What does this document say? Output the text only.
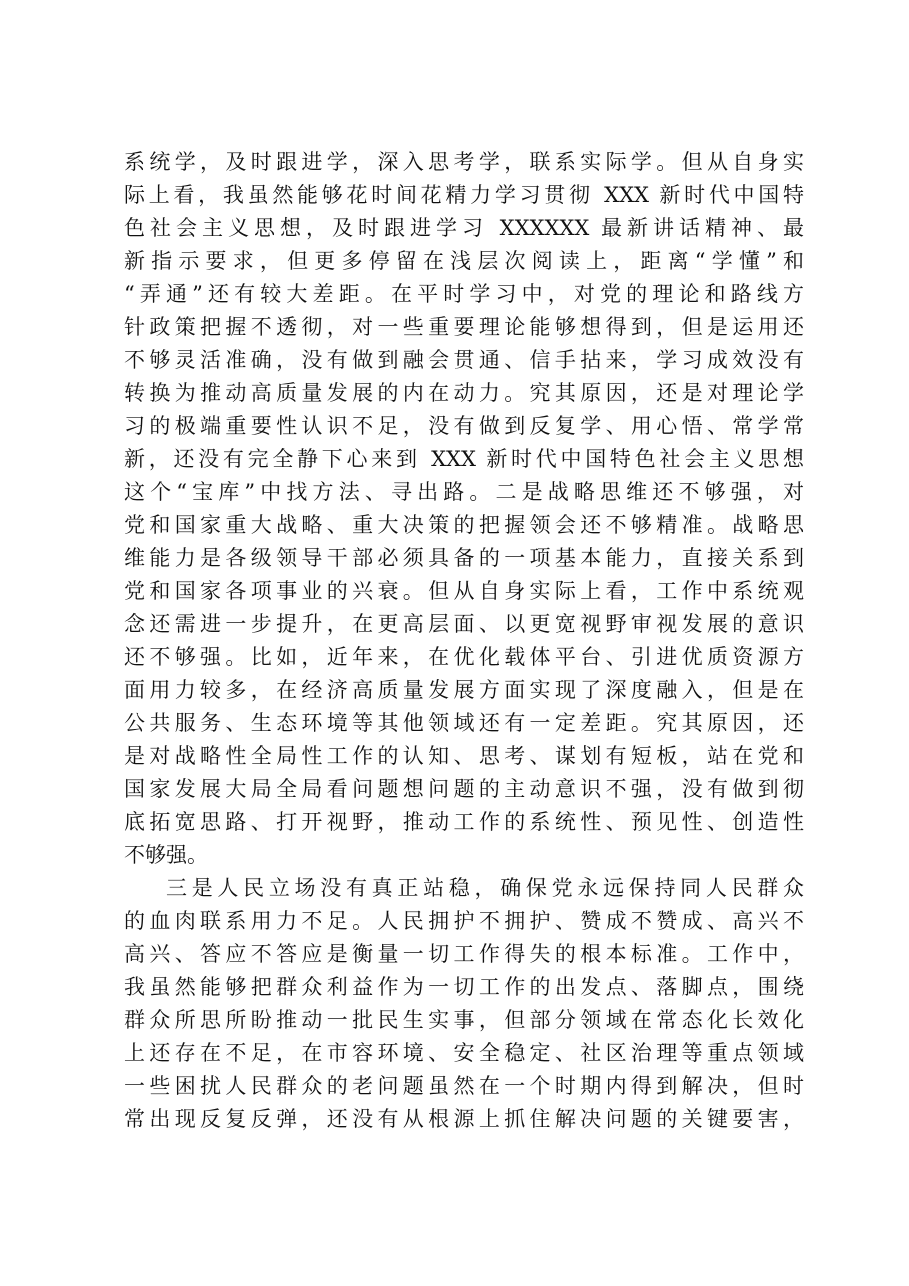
系统学，及时跟进学，深入思考学，联系实际学。但从自身实
际上看，我虽然能够花时间花精力学习贯彻 XXX 新时代中国特
色社会主义思想，及时跟进学习 XXXXXX 最新讲话精神、最
新指示要求，但更多停留在浅层次阅读上，距离“学懂”和
“弄通”还有较大差距。在平时学习中，对党的理论和路线方
针政策把握不透彻，对一些重要理论能够想得到，但是运用还
不够灵活准确，没有做到融会贯通、信手拈来，学习成效没有
转换为推动高质量发展的内在动力。究其原因，还是对理论学
习的极端重要性认识不足，没有做到反复学、用心悟、常学常
新，还没有完全静下心来到 XXX 新时代中国特色社会主义思想
这个“宝库”中找方法、寻出路。二是战略思维还不够强，对
党和国家重大战略、重大决策的把握领会还不够精准。战略思
维能力是各级领导干部必须具备的一项基本能力，直接关系到
党和国家各项事业的兴衰。但从自身实际上看，工作中系统观
念还需进一步提升，在更高层面、以更宽视野审视发展的意识
还不够强。比如，近年来，在优化载体平台、引进优质资源方
面用力较多，在经济高质量发展方面实现了深度融入，但是在
公共服务、生态环境等其他领域还有一定差距。究其原因，还
是对战略性全局性工作的认知、思考、谋划有短板，站在党和
国家发展大局全局看问题想问题的主动意识不强，没有做到彻
底拓宽思路、打开视野，推动工作的系统性、预见性、创造性
不够强。
三是人民立场没有真正站稳，确保党永远保持同人民群众
的血肉联系用力不足。人民拥护不拥护、赞成不赞成、高兴不
高兴、答应不答应是衡量一切工作得失的根本标准。工作中，
我虽然能够把群众利益作为一切工作的出发点、落脚点，围绕
群众所思所盼推动一批民生实事，但部分领域在常态化长效化
上还存在不足，在市容环境、安全稳定、社区治理等重点领域
一些困扰人民群众的老问题虽然在一个时期内得到解决，但时
常出现反复反弹，还没有从根源上抓住解决问题的关键要害，
